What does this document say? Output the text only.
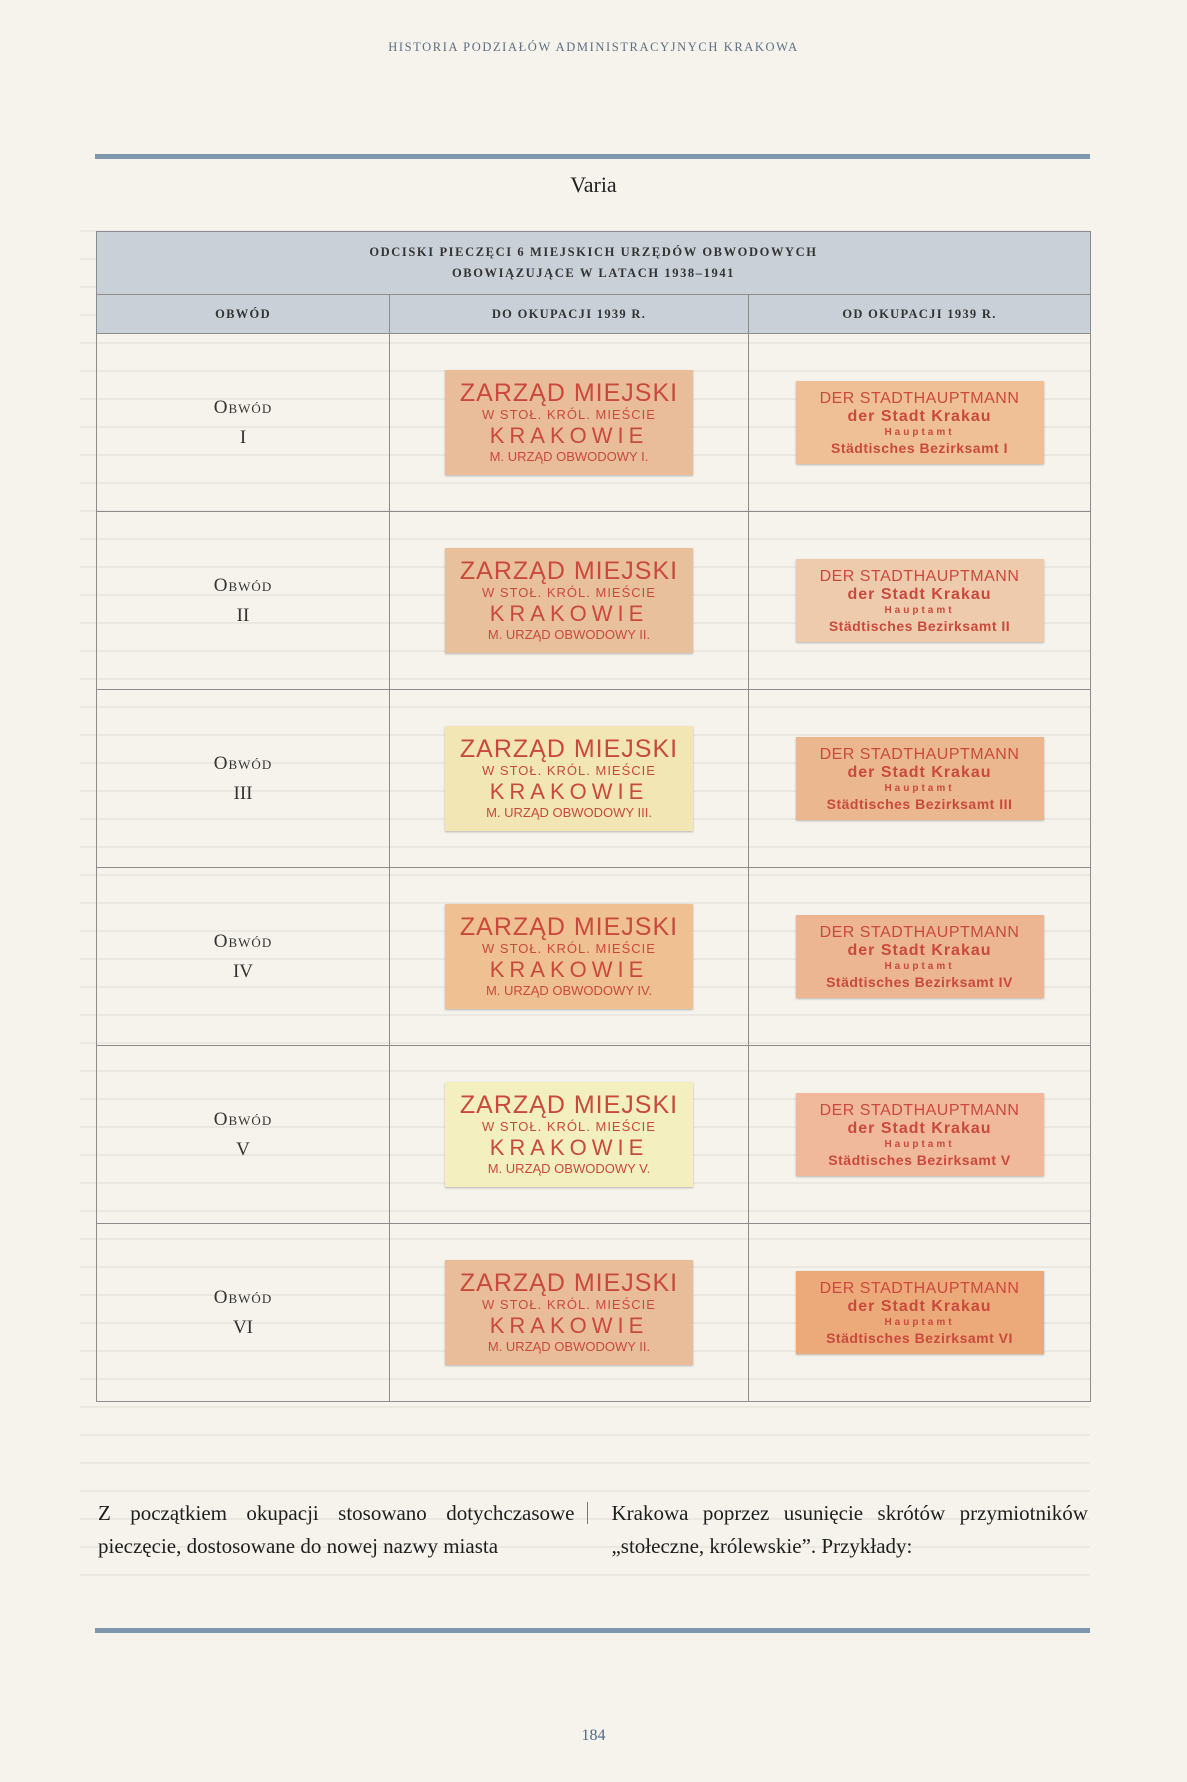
HISTORIA PODZIAŁÓW ADMINISTRACYJNYCH KRAKOWA
Varia
ODCISKI PIECZĘCI 6 MIEJSKICH URZĘDÓW OBWODOWYCH
OBOWIĄZUJĄCE W LATACH 1938–1941
OBWÓD	DO OKUPACJI 1939 R.	OD OKUPACJI 1939 R.
Obwód
I
ZARZĄD MIEJSKI
W STOŁ. KRÓL. MIEŚCIE
KRAKOWIE
M. URZĄD OBWODOWY I.
DER STADTHAUPTMANN
der Stadt Krakau
Hauptamt
Städtisches Bezirksamt I
Obwód
II
ZARZĄD MIEJSKI
W STOŁ. KRÓL. MIEŚCIE
KRAKOWIE
M. URZĄD OBWODOWY II.
DER STADTHAUPTMANN
der Stadt Krakau
Hauptamt
Städtisches Bezirksamt II
Obwód
III
ZARZĄD MIEJSKI
W STOŁ. KRÓL. MIEŚCIE
KRAKOWIE
M. URZĄD OBWODOWY III.
DER STADTHAUPTMANN
der Stadt Krakau
Hauptamt
Städtisches Bezirksamt III
Obwód
IV
ZARZĄD MIEJSKI
W STOŁ. KRÓL. MIEŚCIE
KRAKOWIE
M. URZĄD OBWODOWY IV.
DER STADTHAUPTMANN
der Stadt Krakau
Hauptamt
Städtisches Bezirksamt IV
Obwód
V
ZARZĄD MIEJSKI
W STOŁ. KRÓL. MIEŚCIE
KRAKOWIE
M. URZĄD OBWODOWY V.
DER STADTHAUPTMANN
der Stadt Krakau
Hauptamt
Städtisches Bezirksamt V
Obwód
VI
ZARZĄD MIEJSKI
W STOŁ. KRÓL. MIEŚCIE
KRAKOWIE
M. URZĄD OBWODOWY II.
DER STADTHAUPTMANN
der Stadt Krakau
Hauptamt
Städtisches Bezirksamt VI
Z początkiem okupacji stosowano dotychczasowe pieczęcie, dostosowane do nowej nazwy miasta
Krakowa poprzez usunięcie skrótów przymiotników „stołeczne, królewskie”. Przykłady:
184
